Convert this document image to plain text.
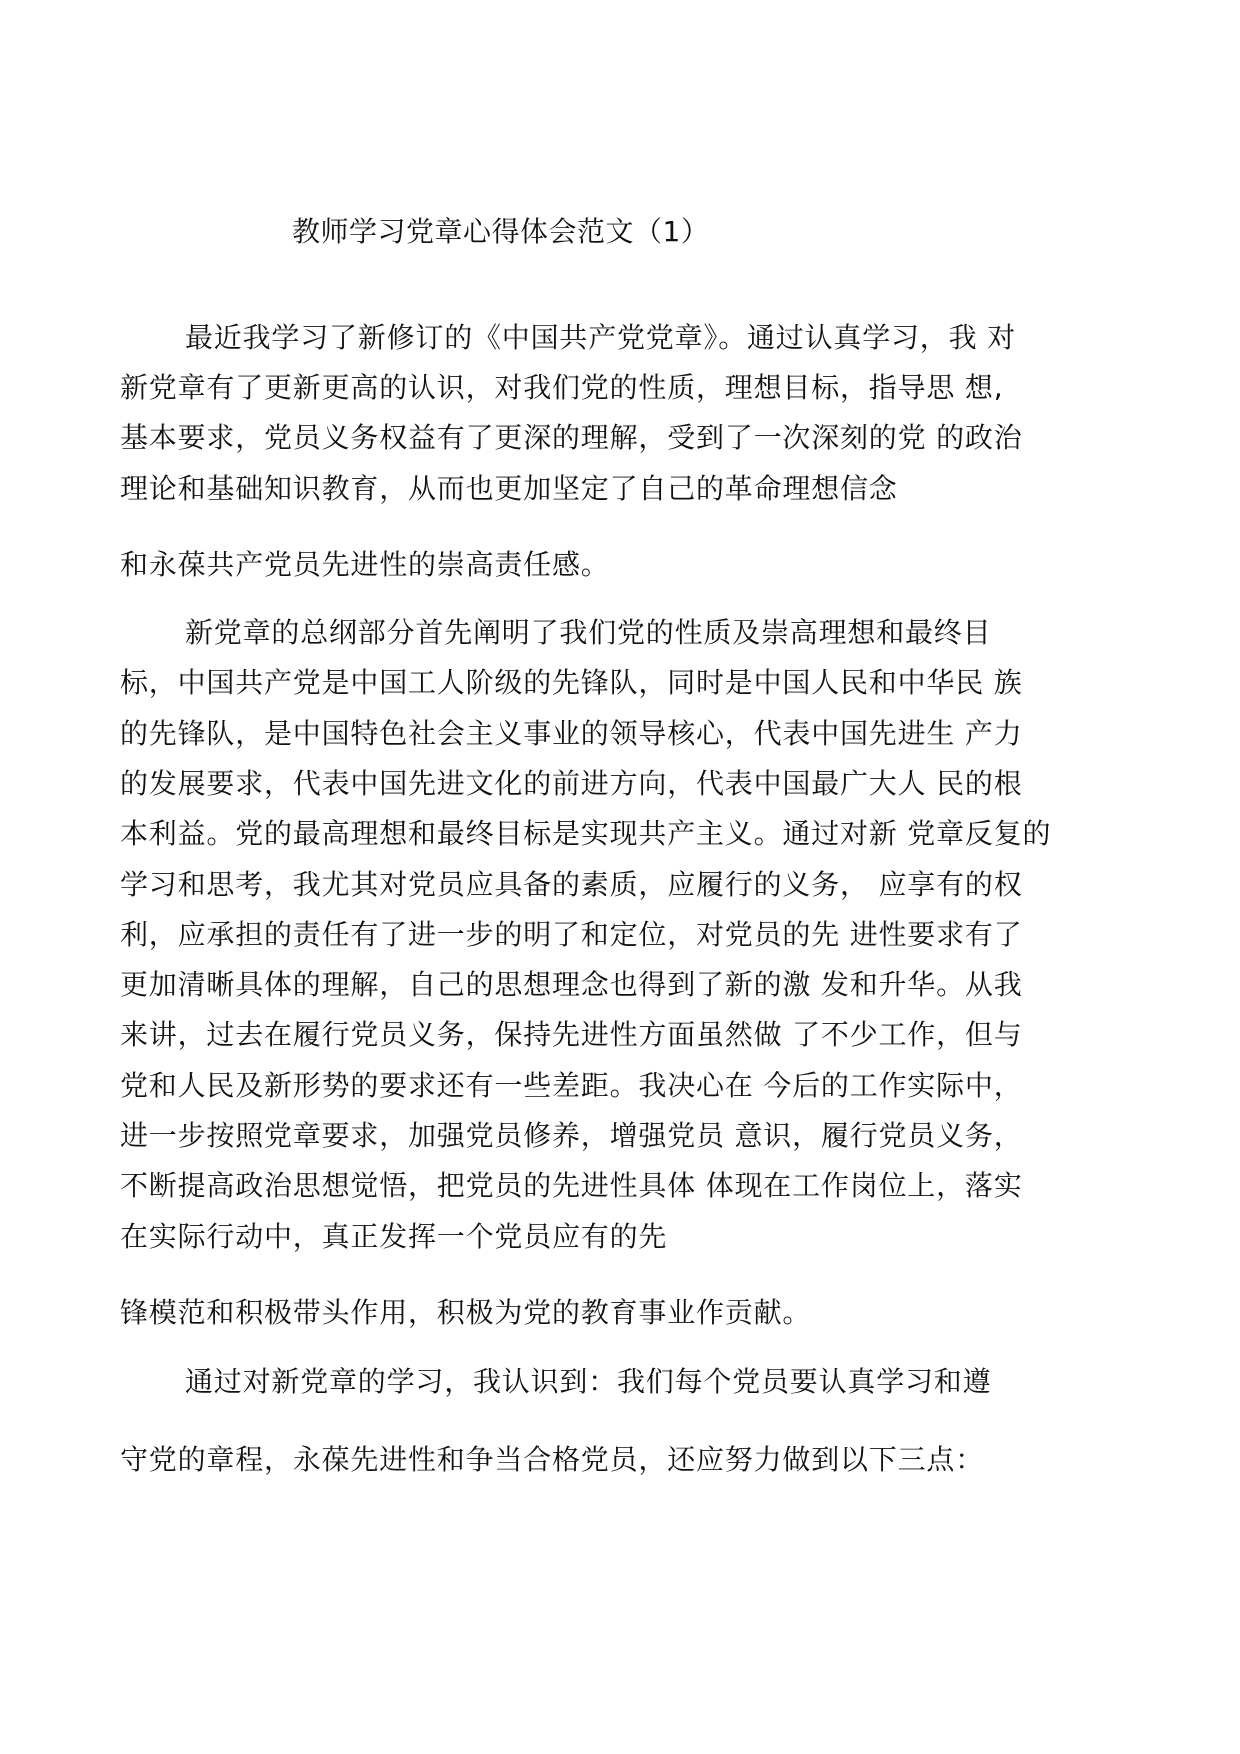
教师学习党章心得体会范文（1）
最近我学习了新修订的《中国共产党党章》。通过认真学习，我 对
新党章有了更新更高的认识，对我们党的性质，理想目标，指导思 想,
基本要求，党员义务权益有了更深的理解，受到了一次深刻的党 的政治
理论和基础知识教育，从而也更加坚定了自己的革命理想信念
和永葆共产党员先进性的崇高责任感。
新党章的总纲部分首先阐明了我们党的性质及崇高理想和最终目
标，中国共产党是中国工人阶级的先锋队，同时是中国人民和中华民 族
的先锋队，是中国特色社会主义事业的领导核心，代表中国先进生 产力
的发展要求，代表中国先进文化的前进方向，代表中国最广大人 民的根
本利益。党的最高理想和最终目标是实现共产主义。通过对新 党章反复的
学习和思考，我尤其对党员应具备的素质，应履行的义务， 应享有的权
利，应承担的责任有了进一步的明了和定位，对党员的先 进性要求有了
更加清晰具体的理解，自己的思想理念也得到了新的激 发和升华。从我
来讲，过去在履行党员义务，保持先进性方面虽然做 了不少工作，但与
党和人民及新形势的要求还有一些差距。我决心在 今后的工作实际中，
进一步按照党章要求，加强党员修养，增强党员 意识，履行党员义务，
不断提高政治思想觉悟，把党员的先进性具体 体现在工作岗位上，落实
在实际行动中，真正发挥一个党员应有的先
锋模范和积极带头作用，积极为党的教育事业作贡献。
通过对新党章的学习，我认识到：我们每个党员要认真学习和遵
守党的章程，永葆先进性和争当合格党员，还应努力做到以下三点：
